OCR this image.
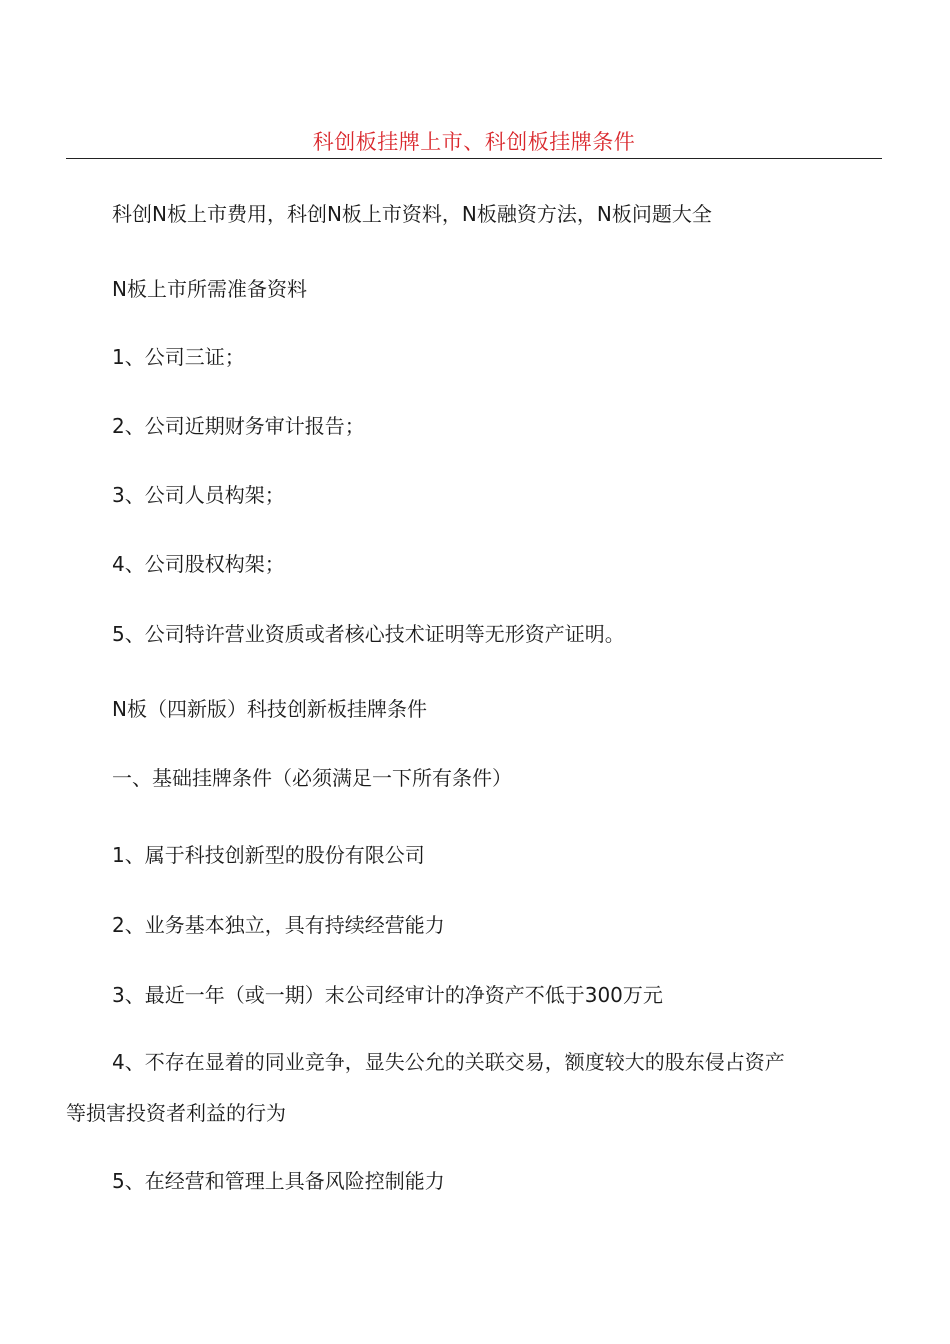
科创板挂牌上市、科创板挂牌条件
科创N板上市费用，科创N板上市资料，N板融资方法，N板问题大全
N板上市所需准备资料
1、公司三证；
2、公司近期财务审计报告；
3、公司人员构架；
4、公司股权构架；
5、公司特许营业资质或者核心技术证明等无形资产证明。
N板（四新版）科技创新板挂牌条件
一、基础挂牌条件（必须满足一下所有条件）
1、属于科技创新型的股份有限公司
2、业务基本独立，具有持续经营能力
3、最近一年（或一期）末公司经审计的净资产不低于300万元
4、不存在显着的同业竞争，显失公允的关联交易，额度较大的股东侵占资产
等损害投资者利益的行为
5、在经营和管理上具备风险控制能力
